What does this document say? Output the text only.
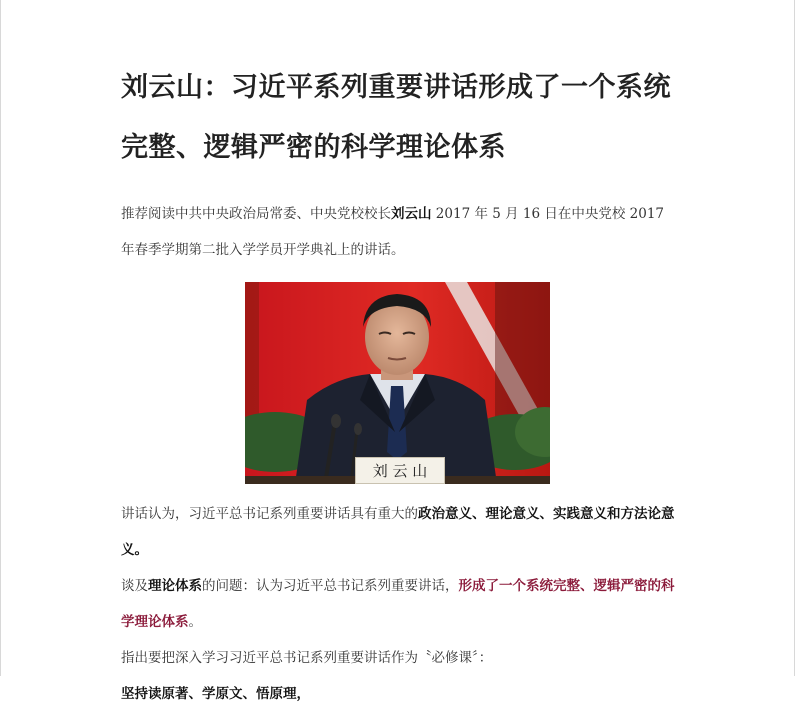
刘云山：习近平系列重要讲话形成了一个系统完整、逻辑严密的科学理论体系

推荐阅读中共中央政治局常委、中央党校校长刘云山 2017 年 5 月 16 日在中央党校 2017 年春季学期第二批入学学员开学典礼上的讲话。

刘 云 山

讲话认为，习近平总书记系列重要讲话具有重大的政治意义、理论意义、实践意义和方法论意义。

谈及理论体系的问题：认为习近平总书记系列重要讲话，形成了一个系统完整、逻辑严密的科学理论体系。

指出要把深入学习习近平总书记系列重要讲话作为〝必修课〞：

坚持读原著、学原文、悟原理，
